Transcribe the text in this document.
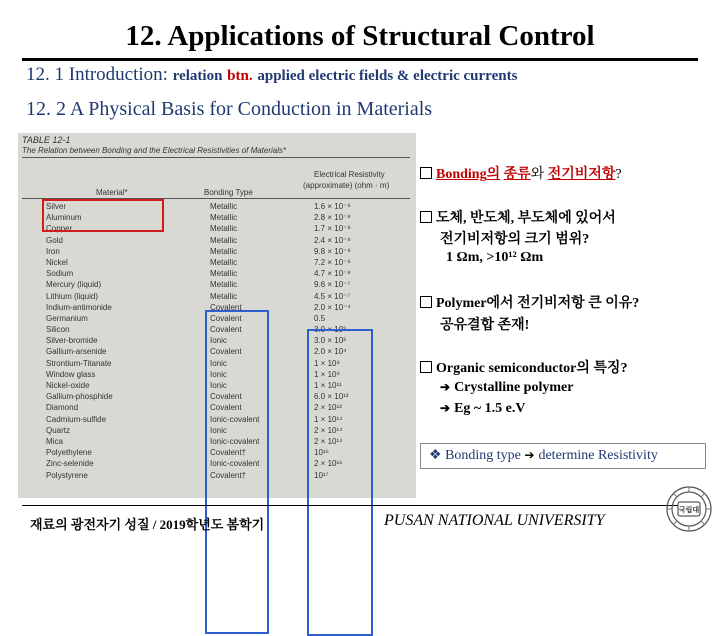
12. Applications of Structural Control
12. 1 Introduction: relation btn. applied electric fields & electric currents
12. 2 A Physical Basis for Conduction in Materials
TABLE 12-1
The Relation between Bonding and the Electrical Resistivities of Materials*
Material*	Bonding Type
Electrical Resistivity
(approximate) (ohm · m)
Silver	Metallic	1.6 × 10⁻⁸
Aluminum	Metallic	2.8 × 10⁻⁸
Copper	Metallic	1.7 × 10⁻⁸
Gold	Metallic	2.4 × 10⁻⁸
Iron	Metallic	9.8 × 10⁻⁸
Nickel	Metallic	7.2 × 10⁻⁸
Sodium	Metallic	4.7 × 10⁻⁸
Mercury (liquid)	Metallic	9.6 × 10⁻⁷
Lithium (liquid)	Metallic	4.5 × 10⁻⁷
Indium-antimonide	Covalent	2.0 × 10⁻⁴
Germanium	Covalent	0.5
Silicon	Covalent	3.0 × 10³
Silver-bromide	Ionic	3.0 × 10³
Gallium-arsenide	Covalent	2.0 × 10⁴
Strontium-Titanate	Ionic	1 × 10⁸
Window glass	Ionic	1 × 10⁹
Nickel-oxide	Ionic	1 × 10¹¹
Gallium-phosphide	Covalent	6.0 × 10¹³
Diamond	Covalent	2 × 10¹³
Cadmium-sulfide	Ionic-covalent	1 × 10¹⁴
Quartz	Ionic	2 × 10¹⁴
Mica	Ionic-covalent	2 × 10¹⁴
Polyethylene	Covalent†	10¹⁶
Zinc-selenide	Ionic-covalent	2 × 10¹⁶
Polystyrene	Covalent†	10¹⁷
Bonding의 종류와 전기비저항?
도체, 반도체, 부도체에 있어서
전기비저항의 크기 범위?
1 Ωm, >10¹² Ωm
Polymer에서 전기비저항 큰 이유?
공유결합 존재!
Organic semiconductor의 특징?
➔ Crystalline polymer
➔ Eg ~ 1.5 e.V
❖ Bonding type ➔ determine Resistivity
재료의 광전자기 성질 / 2019학년도 봄학기	PUSAN NATIONAL UNIVERSITY
국립대
